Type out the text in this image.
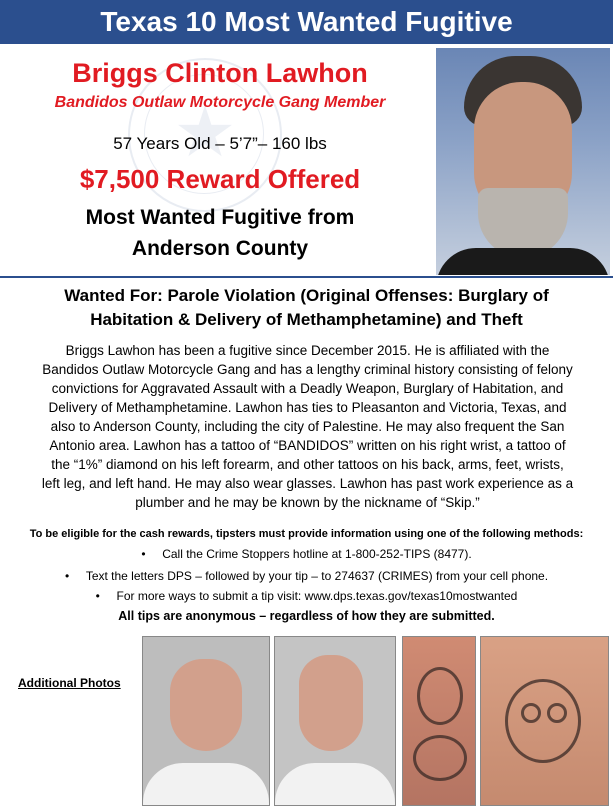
Texas 10 Most Wanted Fugitive
★
Briggs Clinton Lawhon
Bandidos Outlaw Motorcycle Gang Member
57 Years Old – 5’7”– 160 lbs
$7,500 Reward Offered
Most Wanted Fugitive from
Anderson County
Wanted For: Parole Violation (Original Offenses: Burglary of
Habitation & Delivery of Methamphetamine) and Theft
Briggs Lawhon has been a fugitive since December 2015. He is affiliated with the
Bandidos Outlaw Motorcycle Gang and has a lengthy criminal history consisting of felony
convictions for Aggravated Assault with a Deadly Weapon, Burglary of Habitation, and
Delivery of Methamphetamine. Lawhon has ties to Pleasanton and Victoria, Texas, and
also to Anderson County, including the city of Palestine. He may also frequent the San
Antonio area. Lawhon has a tattoo of “BANDIDOS” written on his right wrist, a tattoo of
the “1%” diamond on his left forearm, and other tattoos on his back, arms, feet, wrists,
left leg, and left hand. He may also wear glasses. Lawhon has past work experience as a
plumber and he may be known by the nickname of “Skip.”
To be eligible for the cash rewards, tipsters must provide information using one of the following methods:
• Call the Crime Stoppers hotline at 1-800-252-TIPS (8477).
• Text the letters DPS – followed by your tip – to 274637 (CRIMES) from your cell phone.
• For more ways to submit a tip visit: www.dps.texas.gov/texas10mostwanted
All tips are anonymous – regardless of how they are submitted.
Additional Photos
